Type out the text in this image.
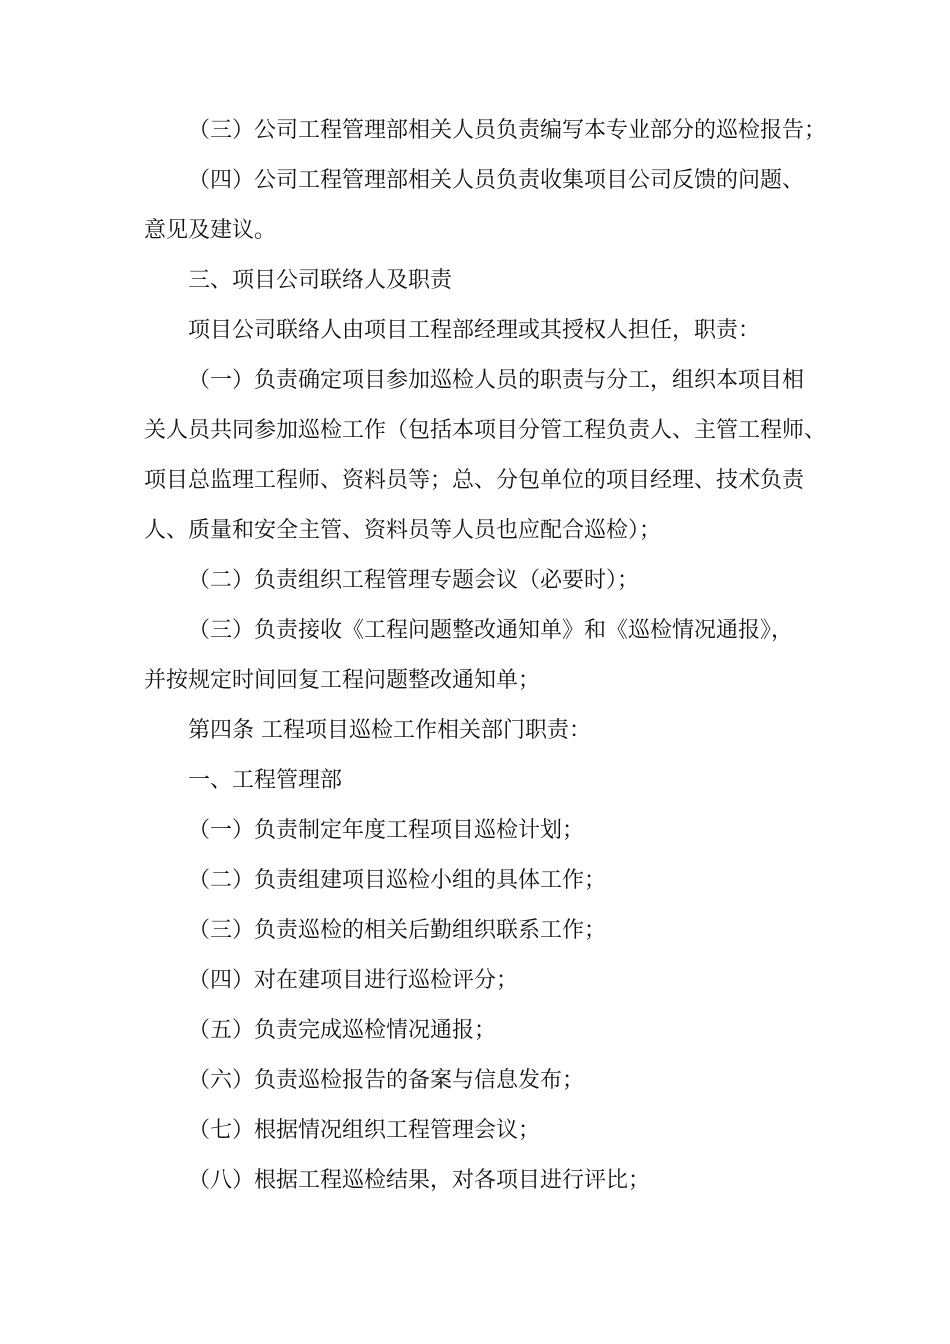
（三）公司工程管理部相关人员负责编写本专业部分的巡检报告；
（四）公司工程管理部相关人员负责收集项目公司反馈的问题、
意见及建议。
三、项目公司联络人及职责
项目公司联络人由项目工程部经理或其授权人担任，职责：
（一）负责确定项目参加巡检人员的职责与分工，组织本项目相
关人员共同参加巡检工作（包括本项目分管工程负责人、主管工程师、
项目总监理工程师、资料员等；总、分包单位的项目经理、技术负责
人、质量和安全主管、资料员等人员也应配合巡检）；
（二）负责组织工程管理专题会议（必要时）；
（三）负责接收《工程问题整改通知单》和《巡检情况通报》，
并按规定时间回复工程问题整改通知单；
第四条 工程项目巡检工作相关部门职责：
一、工程管理部
（一）负责制定年度工程项目巡检计划；
（二）负责组建项目巡检小组的具体工作；
（三）负责巡检的相关后勤组织联系工作；
（四）对在建项目进行巡检评分；
（五）负责完成巡检情况通报；
（六）负责巡检报告的备案与信息发布；
（七）根据情况组织工程管理会议；
（八）根据工程巡检结果，对各项目进行评比；
